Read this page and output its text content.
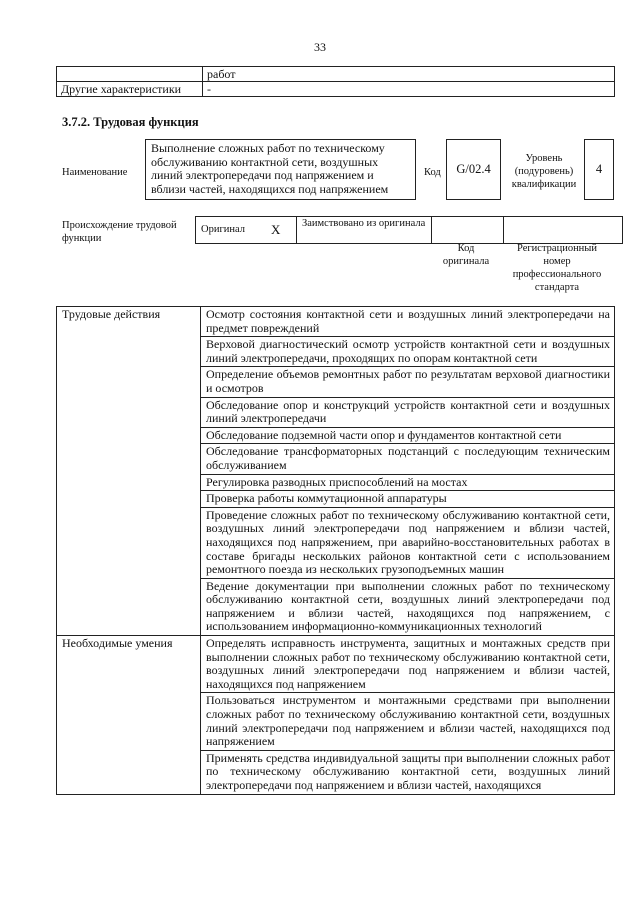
33
	работ
Другие характеристики	-
3.7.2. Трудовая функция
Наименование
Выполнение сложных работ по техническому обслуживанию контактной сети, воздушных линий электропередачи под напряжением и вблизи частей, находящихся под напряжением
Код	G/02.4
Уровень (подуровень) квалификации
4
Происхождение трудовой функции
Оригинал	X	Заимствовано из оригинала		
Код оригинала
Регистрационный номер профессионального стандарта
Трудовые действия	Осмотр состояния контактной сети и воздушных линий электропередачи на предмет повреждений
	Верховой диагностический осмотр устройств контактной сети и воздушных линий электропередачи, проходящих по опорам контактной сети
	Определение объемов ремонтных работ по результатам верховой диагностики и осмотров
	Обследование опор и конструкций устройств контактной сети и воздушных линий электропередачи
	Обследование подземной части опор и фундаментов контактной сети
	Обследование трансформаторных подстанций с последующим техническим обслуживанием
	Регулировка разводных приспособлений на мостах
	Проверка работы коммутационной аппаратуры
	Проведение сложных работ по техническому обслуживанию контактной сети, воздушных линий электропередачи под напряжением и вблизи частей, находящихся под напряжением, при аварийно-восстановительных работах в составе бригады нескольких районов контактной сети с использованием ремонтного поезда из нескольких грузоподъемных машин
	Ведение документации при выполнении сложных работ по техническому обслуживанию контактной сети, воздушных линий электропередачи под напряжением и вблизи частей, находящихся под напряжением, с использованием информационно-коммуникационных технологий
Необходимые умения	Определять исправность инструмента, защитных и монтажных средств при выполнении сложных работ по техническому обслуживанию контактной сети, воздушных линий электропередачи под напряжением и вблизи частей, находящихся под напряжением
	Пользоваться инструментом и монтажными средствами при выполнении сложных работ по техническому обслуживанию контактной сети, воздушных линий электропередачи под напряжением и вблизи частей, находящихся под напряжением
	Применять средства индивидуальной защиты при выполнении сложных работ по техническому обслуживанию контактной сети, воздушных линий электропередачи под напряжением и вблизи частей, находящихся
